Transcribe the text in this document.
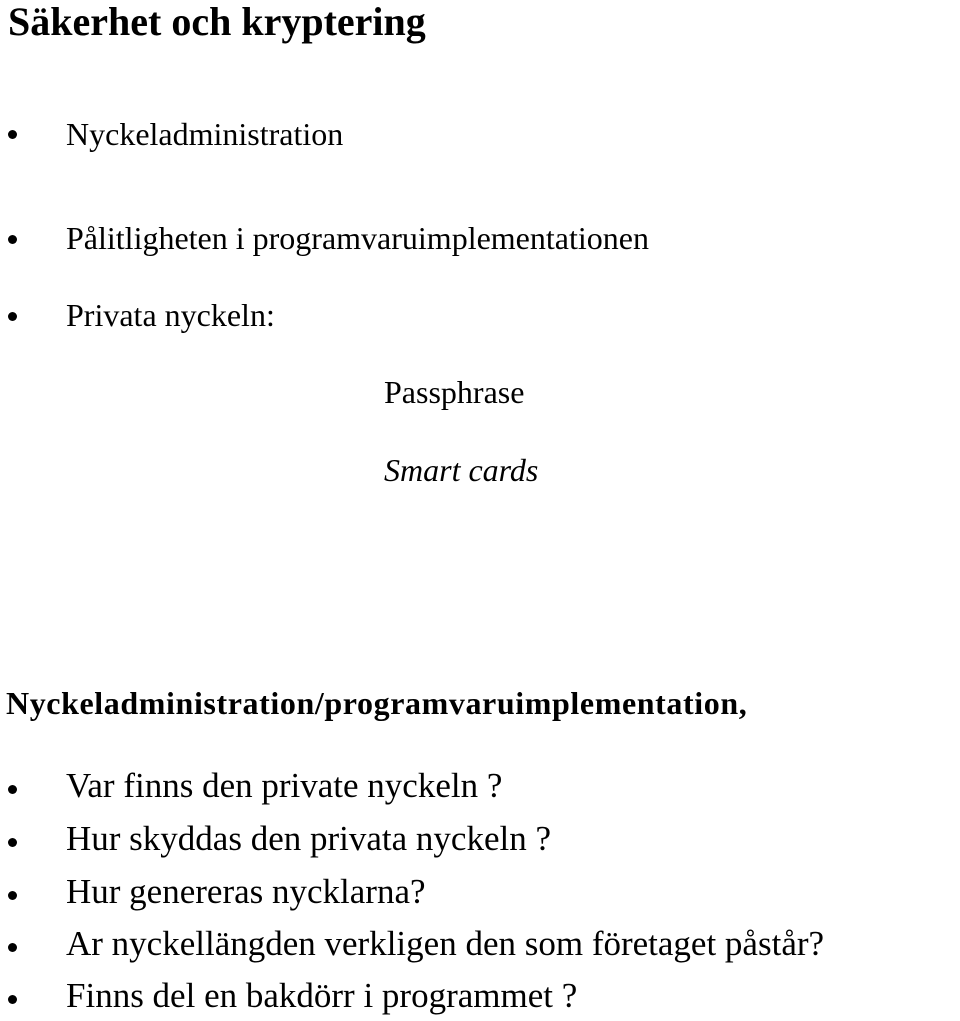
Säkerhet och kryptering
Nyckeladministration
Pålitligheten i programvaruimplementationen
Privata nyckeln:
Passphrase
Smart cards
Nyckeladministration/programvaruimplementation,
Var finns den private nyckeln ?
Hur skyddas den privata nyckeln ?
Hur genereras nycklarna?
Ar nyckellängden verkligen den som företaget påstår?
Finns del en bakdörr i programmet ?
